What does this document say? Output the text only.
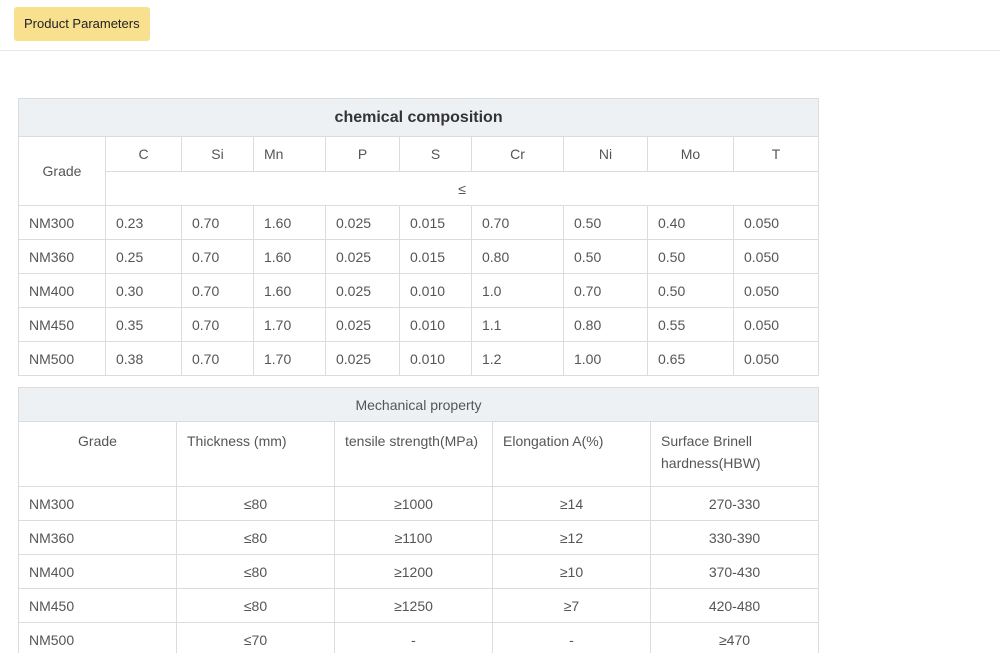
Product Parameters
chemical composition									
Grade	C	Si	Mn	P	S	Cr	Ni	Mo	T
	≤								
NM300	0.23	0.70	1.60	0.025	0.015	0.70	0.50	0.40	0.050
NM360	0.25	0.70	1.60	0.025	0.015	0.80	0.50	0.50	0.050
NM400	0.30	0.70	1.60	0.025	0.010	1.0	0.70	0.50	0.050
NM450	0.35	0.70	1.70	0.025	0.010	1.1	0.80	0.55	0.050
NM500	0.38	0.70	1.70	0.025	0.010	1.2	1.00	0.65	0.050
Mechanical property				
Grade	Thickness (mm)	tensile strength(MPa)	Elongation A(%)	Surface Brinell hardness(HBW)
NM300	≤80	≥1000	≥14	270-330
NM360	≤80	≥1100	≥12	330-390
NM400	≤80	≥1200	≥10	370-430
NM450	≤80	≥1250	≥7	420-480
NM500	≤70	-	-	≥470
